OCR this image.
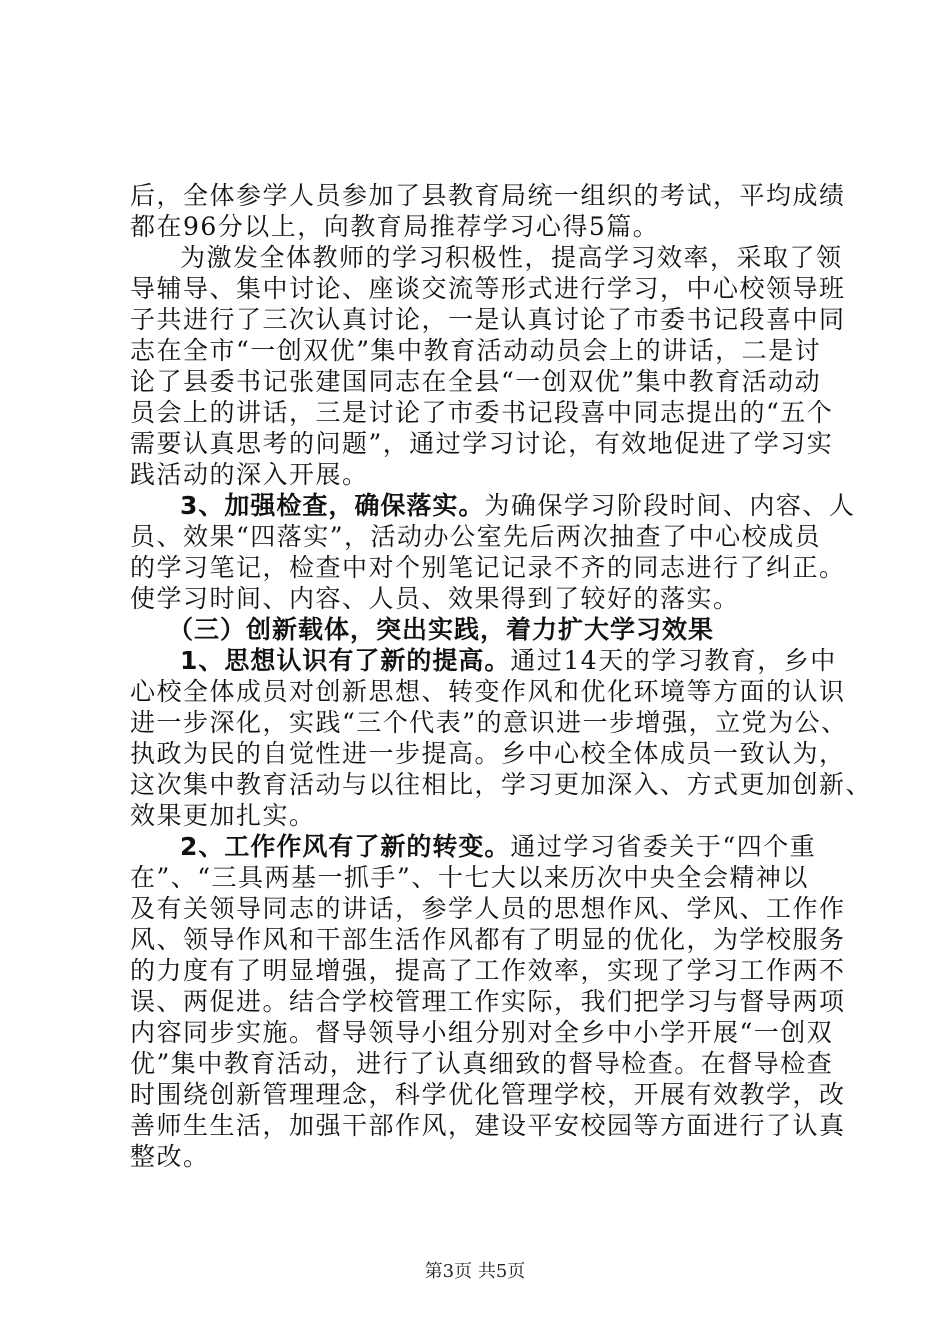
后，全体参学人员参加了县教育局统一组织的考试，平均成绩
都在96分以上，向教育局推荐学习心得5篇。
为激发全体教师的学习积极性，提高学习效率，采取了领
导辅导、集中讨论、座谈交流等形式进行学习，中心校领导班
子共进行了三次认真讨论，一是认真讨论了市委书记段喜中同
志在全市“一创双优”集中教育活动动员会上的讲话，二是讨
论了县委书记张建国同志在全县“一创双优”集中教育活动动
员会上的讲话，三是讨论了市委书记段喜中同志提出的“五个
需要认真思考的问题”，通过学习讨论，有效地促进了学习实
践活动的深入开展。
3、加强检查，确保落实。为确保学习阶段时间、内容、人
员、效果“四落实”，活动办公室先后两次抽查了中心校成员
的学习笔记，检查中对个别笔记记录不齐的同志进行了纠正。
使学习时间、内容、人员、效果得到了较好的落实。
（三）创新载体，突出实践，着力扩大学习效果
1、思想认识有了新的提高。通过14天的学习教育，乡中
心校全体成员对创新思想、转变作风和优化环境等方面的认识
进一步深化，实践“三个代表”的意识进一步增强，立党为公、
执政为民的自觉性进一步提高。乡中心校全体成员一致认为，
这次集中教育活动与以往相比，学习更加深入、方式更加创新、
效果更加扎实。
2、工作作风有了新的转变。通过学习省委关于“四个重
在”、“三具两基一抓手”、十七大以来历次中央全会精神以
及有关领导同志的讲话，参学人员的思想作风、学风、工作作
风、领导作风和干部生活作风都有了明显的优化，为学校服务
的力度有了明显增强，提高了工作效率，实现了学习工作两不
误、两促进。结合学校管理工作实际，我们把学习与督导两项
内容同步实施。督导领导小组分别对全乡中小学开展“一创双
优”集中教育活动，进行了认真细致的督导检查。在督导检查
时围绕创新管理理念，科学优化管理学校，开展有效教学，改
善师生生活，加强干部作风，建设平安校园等方面进行了认真
整改。
第3页 共5页
